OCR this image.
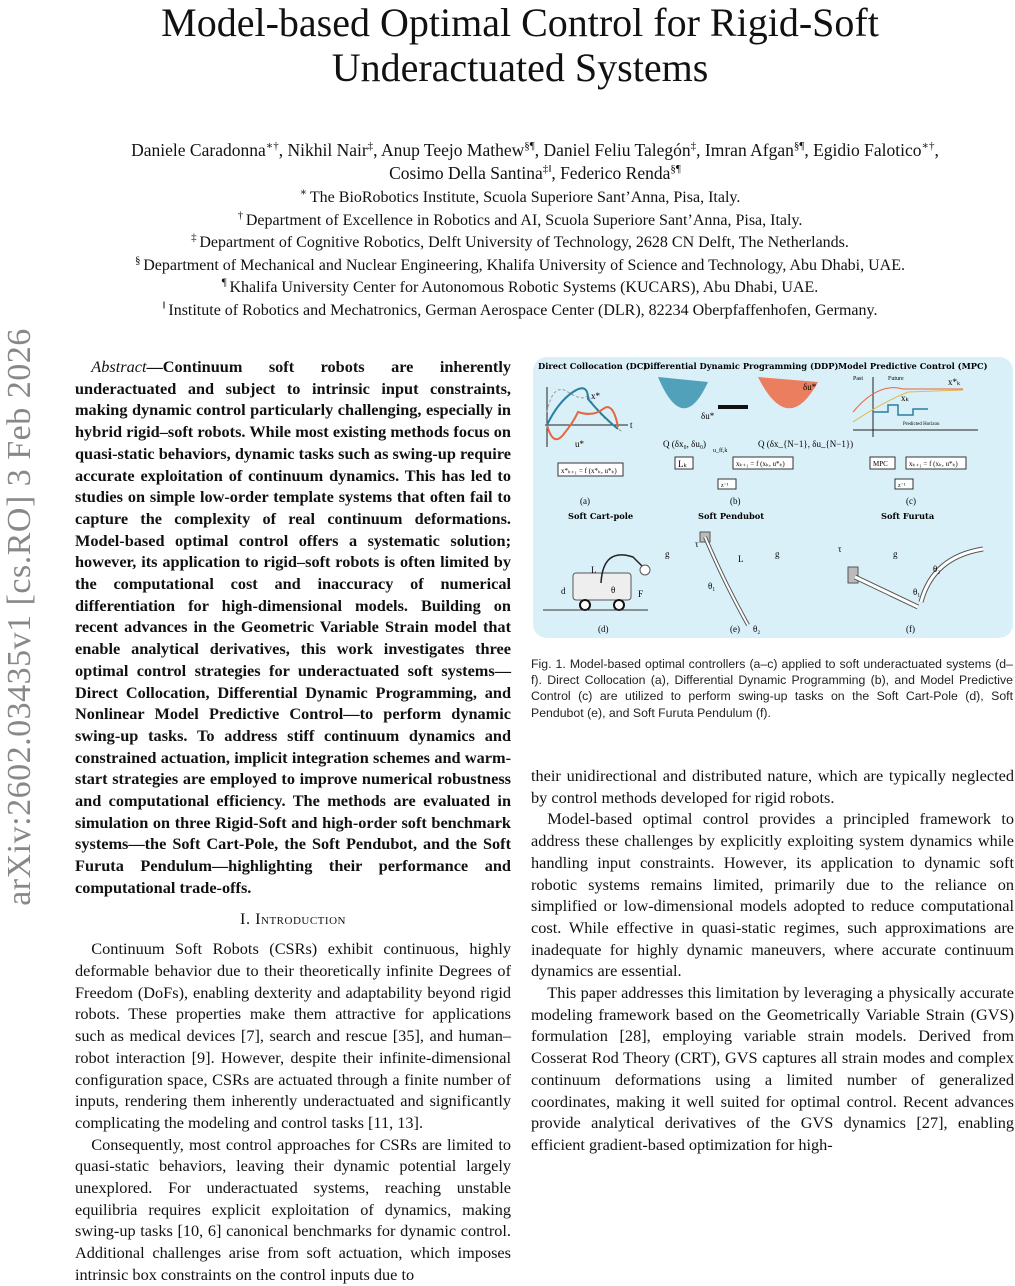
Model-based Optimal Control for Rigid-Soft
Underactuated Systems
Daniele Caradonna∗†, Nikhil Nair‡, Anup Teejo Mathew§¶, Daniel Feliu Talegón‡, Imran Afgan§¶, Egidio Falotico∗†,
Cosimo Della Santina‡‖, Federico Renda§¶
∗ The BioRobotics Institute, Scuola Superiore Sant’Anna, Pisa, Italy.
† Department of Excellence in Robotics and AI, Scuola Superiore Sant’Anna, Pisa, Italy.
‡ Department of Cognitive Robotics, Delft University of Technology, 2628 CN Delft, The Netherlands.
§ Department of Mechanical and Nuclear Engineering, Khalifa University of Science and Technology, Abu Dhabi, UAE.
¶ Khalifa University Center for Autonomous Robotic Systems (KUCARS), Abu Dhabi, UAE.
‖ Institute of Robotics and Mechatronics, German Aerospace Center (DLR), 82234 Oberpfaffenhofen, Germany.
arXiv:2602.03435v1 [cs.RO] 3 Feb 2026	Abstract—Continuum soft robots are inherently underactuated and subject to intrinsic input constraints, making dynamic control particularly challenging, especially in hybrid rigid–soft robots. While most existing methods focus on quasi-static behaviors, dynamic tasks such as swing-up require accurate exploitation of continuum dynamics. This has led to studies on simple low-order template systems that often fail to capture the complexity of real continuum deformations. Model-based optimal control offers a systematic solution; however, its application to rigid–soft robots is often limited by the computational cost and inaccuracy of numerical differentiation for high-dimensional models. Building on recent advances in the Geometric Variable Strain model that enable analytical derivatives, this work investigates three optimal control strategies for underactuated soft systems—Direct Collocation, Differential Dynamic Programming, and Nonlinear Model Predictive Control—to perform dynamic swing-up tasks. To address stiff continuum dynamics and constrained actuation, implicit integration schemes and warm-start strategies are employed to improve numerical robustness and computational efficiency. The methods are evaluated in simulation on three Rigid-Soft and high-order soft benchmark systems—the Soft Cart-Pole, the Soft Pendubot, and the Soft Furuta Pendulum—highlighting their performance and computational trade-offs.

I. Introduction

Continuum Soft Robots (CSRs) exhibit continuous, highly deformable behavior due to their theoretically infinite Degrees of Freedom (DoFs), enabling dexterity and adaptability beyond rigid robots. These properties make them attractive for applications such as medical devices [7], search and rescue [35], and human–robot interaction [9]. However, despite their infinite-dimensional configuration space, CSRs are actuated through a finite number of inputs, rendering them inherently underactuated and significantly complicating the modeling and control tasks [11, 13].

Consequently, most control approaches for CSRs are limited to quasi-static behaviors, leaving their dynamic potential largely unexplored. For underactuated systems, reaching unstable equilibria requires explicit exploitation of dynamics, making swing-up tasks [10, 6] canonical benchmarks for dynamic control. Additional challenges arise from soft actuation, which imposes intrinsic box constraints on the control inputs due to

Direct Collocation (DC)
Differential Dynamic Programming (DDP) Model Predictive Control (MPC)
x*
u*
t
δu*
δu*
Q (δx₀, δu₀)	Q (δx_{N−1}, δu_{N−1})
Past	Future	x*ₖ
xₖ
Predicted Horizon
x*ₖ₊₁ = f (x*ₖ, u*ₖ)
Lₖ	xₖ₊₁ = f (xₖ, u*ₖ)
z⁻¹
u_ff,k
MPC	xₖ₊₁ = f (xₖ, u*ₖ)
z⁻¹
(a)	(b)	(c)
Soft Cart-pole	Soft Pendubot	Soft Furuta
d
L
θ	F
g	L	g
τ
θ₁
θ₂
τ	g
θ₁
θ₂
(d)	(e)	(f)
Fig. 1. Model-based optimal controllers (a–c) applied to soft underactuated systems (d–f). Direct Collocation (a), Differential Dynamic Programming (b), and Model Predictive Control (c) are utilized to perform swing-up tasks on the Soft Cart-Pole (d), Soft Pendubot (e), and Soft Furuta Pendulum (f).
their unidirectional and distributed nature, which are typically neglected by control methods developed for rigid robots.

Model-based optimal control provides a principled framework to address these challenges by explicitly exploiting system dynamics while handling input constraints. However, its application to dynamic soft robotic systems remains limited, primarily due to the reliance on simplified or low-dimensional models adopted to reduce computational cost. While effective in quasi-static regimes, such approximations are inadequate for highly dynamic maneuvers, where accurate continuum dynamics are essential.

This paper addresses this limitation by leveraging a physically accurate modeling framework based on the Geometrically Variable Strain (GVS) formulation [28], employing variable strain models. Derived from Cosserat Rod Theory (CRT), GVS captures all strain modes and complex continuum deformations using a limited number of generalized coordinates, making it well suited for optimal control. Recent advances provide analytical derivatives of the GVS dynamics [27], enabling efficient gradient-based optimization for high-
